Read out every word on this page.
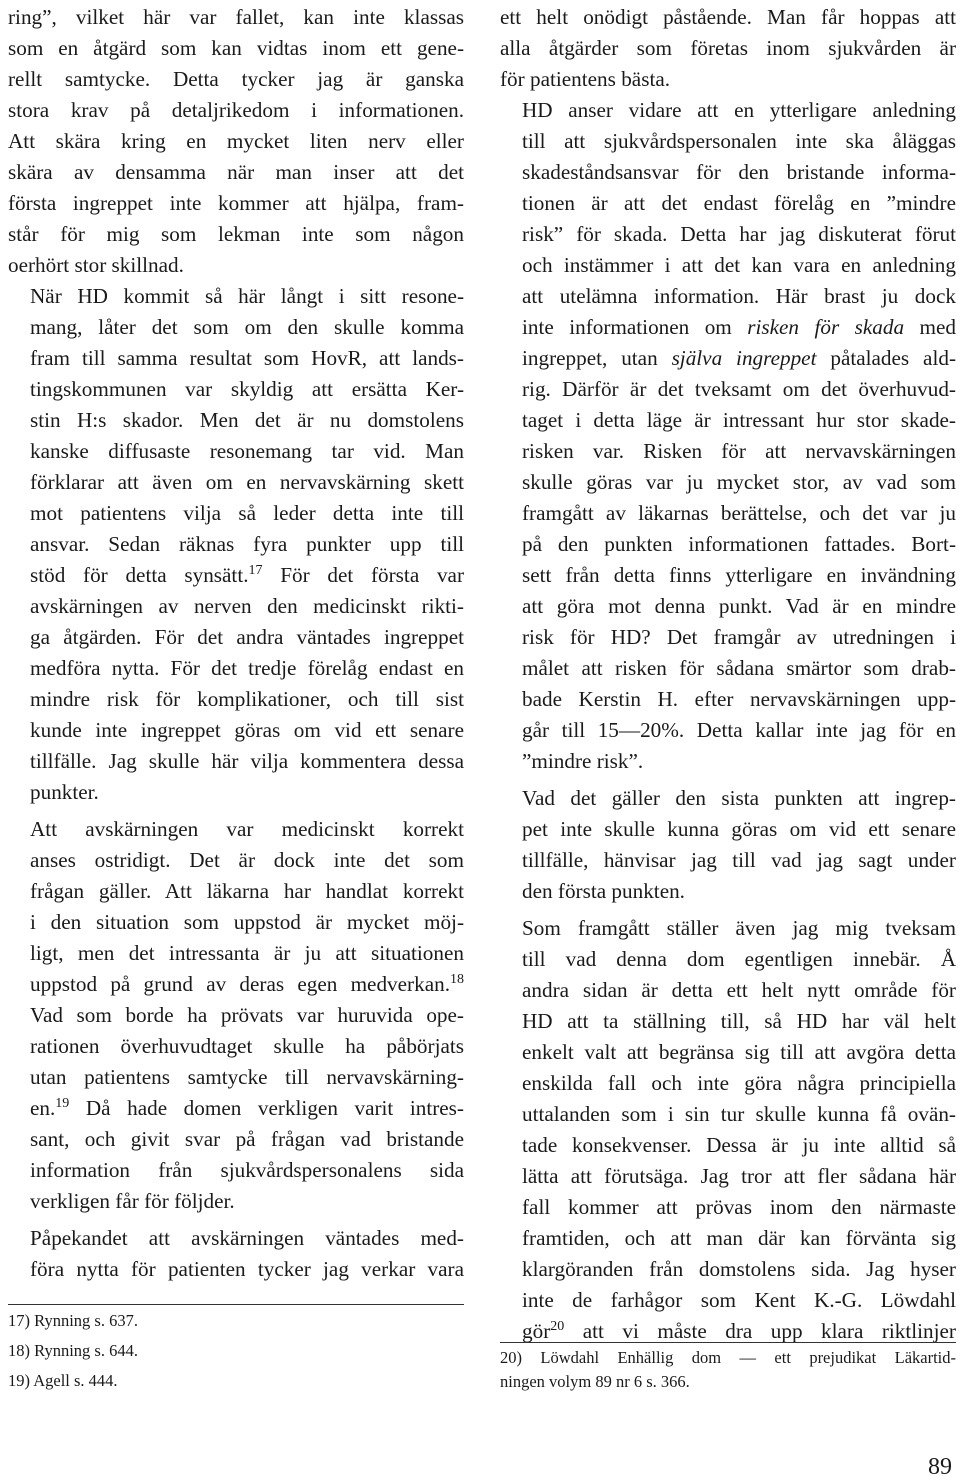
ring”, vilket här var fallet, kan inte klassas
som en åtgärd som kan vidtas inom ett gene-
rellt samtycke. Detta tycker jag är ganska
stora krav på detaljrikedom i informationen.
Att skära kring en mycket liten nerv eller
skära av densamma när man inser att det
första ingreppet inte kommer att hjälpa, fram-
står för mig som lekman inte som någon
oerhört stor skillnad.

När HD kommit så här långt i sitt resone-
mang, låter det som om den skulle komma
fram till samma resultat som HovR, att lands-
tingskommunen var skyldig att ersätta Ker-
stin H:s skador. Men det är nu domstolens
kanske diffusaste resonemang tar vid. Man
förklarar att även om en nervavskärning skett
mot patientens vilja så leder detta inte till
ansvar. Sedan räknas fyra punkter upp till
stöd för detta synsätt.$^{17}$ För det första var
avskärningen av nerven den medicinskt rikti-
ga åtgärden. För det andra väntades ingreppet
medföra nytta. För det tredje förelåg endast en
mindre risk för komplikationer, och till sist
kunde inte ingreppet göras om vid ett senare
tillfälle. Jag skulle här vilja kommentera dessa
punkter.

Att avskärningen var medicinskt korrekt
anses ostridigt. Det är dock inte det som
frågan gäller. Att läkarna har handlat korrekt
i den situation som uppstod är mycket möj-
ligt, men det intressanta är ju att situationen
uppstod på grund av deras egen medverkan.$^{18}$
Vad som borde ha prövats var huruvida ope-
rationen överhuvudtaget skulle ha påbörjats
utan patientens samtycke till nervavskärning-
en.$^{19}$ Då hade domen verkligen varit intres-
sant, och givit svar på frågan vad bristande
information från sjukvårdspersonalens sida
verkligen får för följder.

Påpekandet att avskärningen väntades med-
föra nytta för patienten tycker jag verkar vara

17) Rynning s. 637.
18) Rynning s. 644.
19) Agell s. 444.

ett helt onödigt påstående. Man får hoppas att
alla åtgärder som företas inom sjukvården är
för patientens bästa.

HD anser vidare att en ytterligare anledning
till att sjukvårdspersonalen inte ska åläggas
skadeståndsansvar för den bristande informa-
tionen är att det endast förelåg en ”mindre
risk” för skada. Detta har jag diskuterat förut
och instämmer i att det kan vara en anledning
att utelämna information. Här brast ju dock
inte informationen om risken för skada med
ingreppet, utan själva ingreppet påtalades ald-
rig. Därför är det tveksamt om det överhuvud-
taget i detta läge är intressant hur stor skade-
risken var. Risken för att nervavskärningen
skulle göras var ju mycket stor, av vad som
framgått av läkarnas berättelse, och det var ju
på den punkten informationen fattades. Bort-
sett från detta finns ytterligare en invändning
att göra mot denna punkt. Vad är en mindre
risk för HD? Det framgår av utredningen i
målet att risken för sådana smärtor som drab-
bade Kerstin H. efter nervavskärningen upp-
går till 15—20%. Detta kallar inte jag för en
”mindre risk”.

Vad det gäller den sista punkten att ingrep-
pet inte skulle kunna göras om vid ett senare
tillfälle, hänvisar jag till vad jag sagt under
den första punkten.

Som framgått ställer även jag mig tveksam
till vad denna dom egentligen innebär. Å
andra sidan är detta ett helt nytt område för
HD att ta ställning till, så HD har väl helt
enkelt valt att begränsa sig till att avgöra detta
enskilda fall och inte göra några principiella
uttalanden som i sin tur skulle kunna få ovän-
tade konsekvenser. Dessa är ju inte alltid så
lätta att förutsäga. Jag tror att fler sådana här
fall kommer att prövas inom den närmaste
framtiden, och att man där kan förvänta sig
klargöranden från domstolens sida. Jag hyser
inte de farhågor som Kent K.-G. Löwdahl
gör$^{20}$ att vi måste dra upp klara riktlinjer

20) Löwdahl Enhällig dom — ett prejudikat Läkartid-
ningen volym 89 nr 6 s. 366.
89
